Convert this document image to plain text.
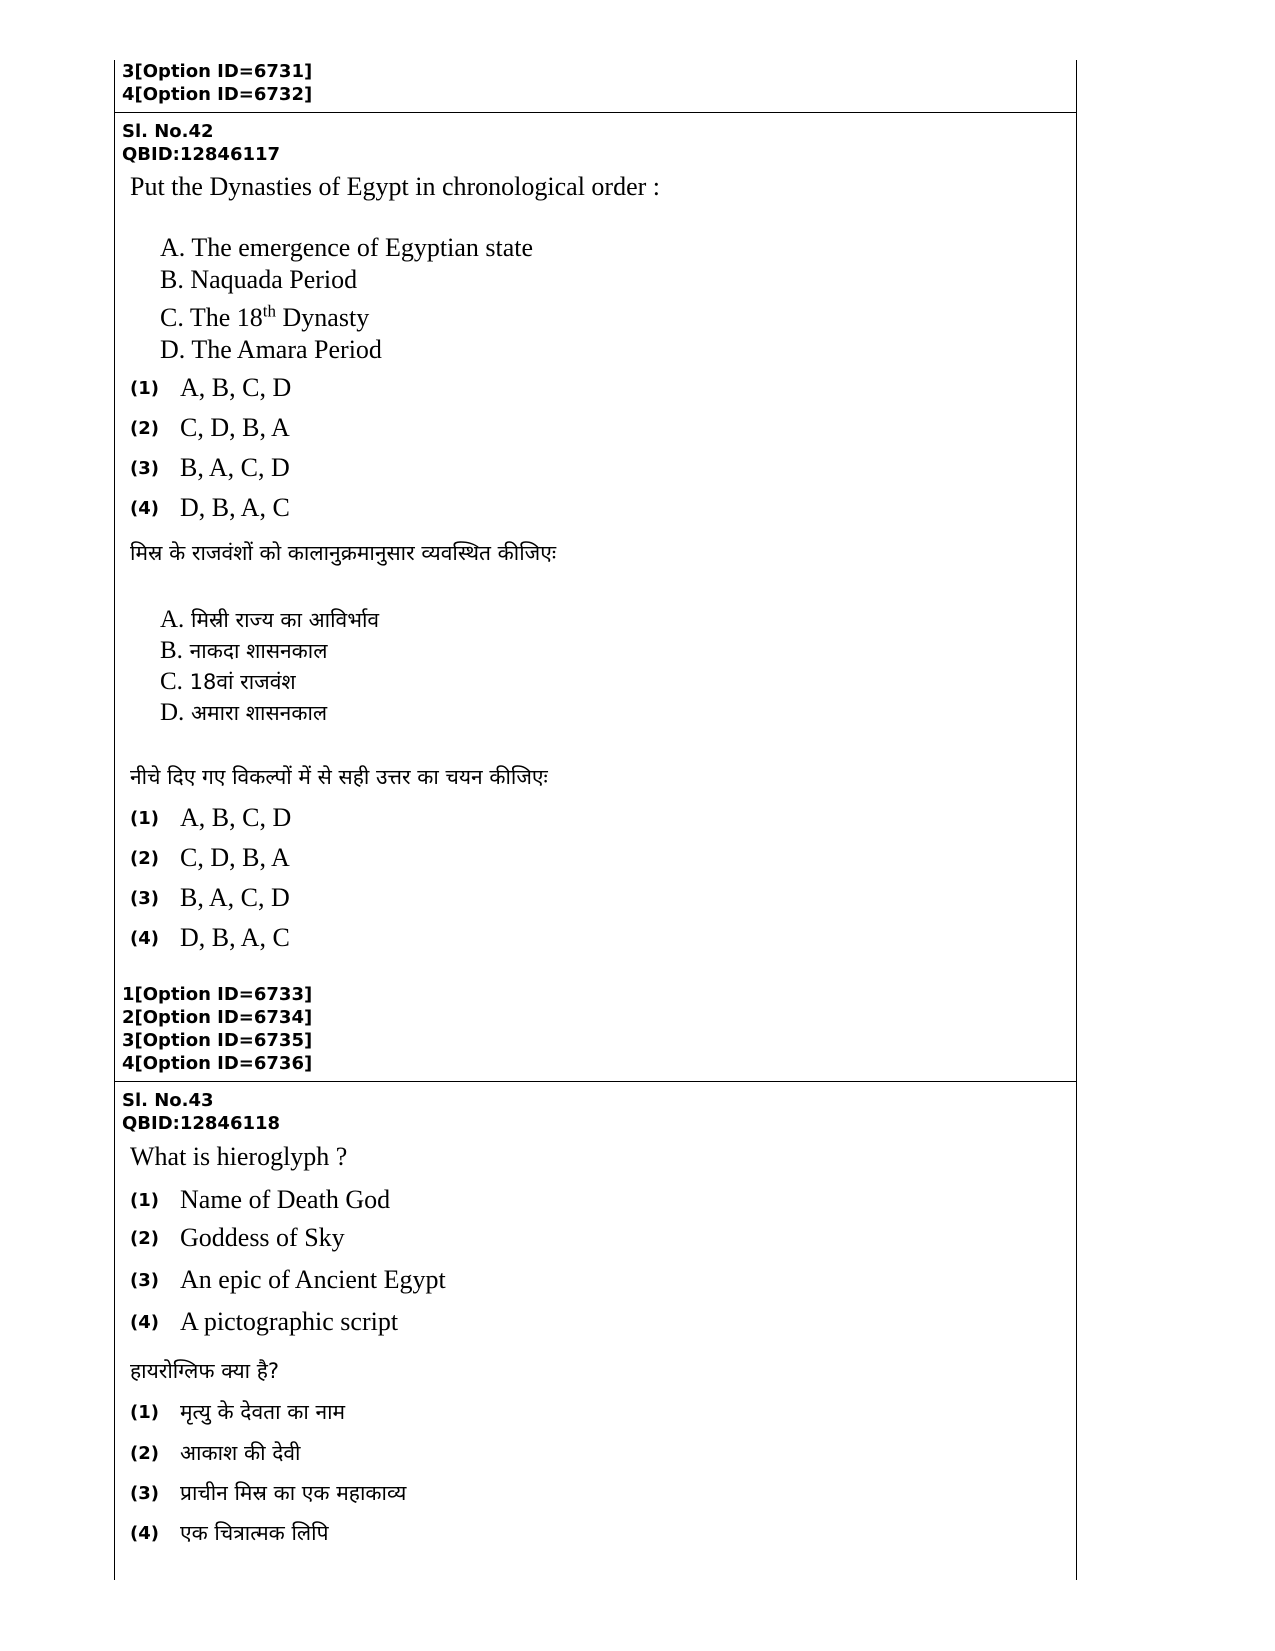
3[Option ID=6731]
4[Option ID=6732]
Sl. No.42
QBID:12846117
Put the Dynasties of Egypt in chronological order :
A. The emergence of Egyptian state
B. Naquada Period
C. The 18th Dynasty
D. The Amara Period
(1) A, B, C, D
(2) C, D, B, A
(3) B, A, C, D
(4) D, B, A, C
मिस्र के राजवंशों को कालानुक्रमानुसार व्यवस्थित कीजिएः
A. मिस्री राज्य का आविर्भाव
B. नाकदा शासनकाल
C. 18वां राजवंश
D. अमारा शासनकाल
नीचे दिए गए विकल्पों में से सही उत्तर का चयन कीजिएः
(1) A, B, C, D
(2) C, D, B, A
(3) B, A, C, D
(4) D, B, A, C
1[Option ID=6733]
2[Option ID=6734]
3[Option ID=6735]
4[Option ID=6736]
Sl. No.43
QBID:12846118
What is hieroglyph ?
(1) Name of Death God
(2) Goddess of Sky
(3) An epic of Ancient Egypt
(4) A pictographic script
हायरोग्लिफ क्या है?
(1)	मृत्यु के देवता का नाम
(2)	आकाश की देवी
(3)	प्राचीन मिस्र का एक महाकाव्य
(4)	एक चित्रात्मक लिपि
